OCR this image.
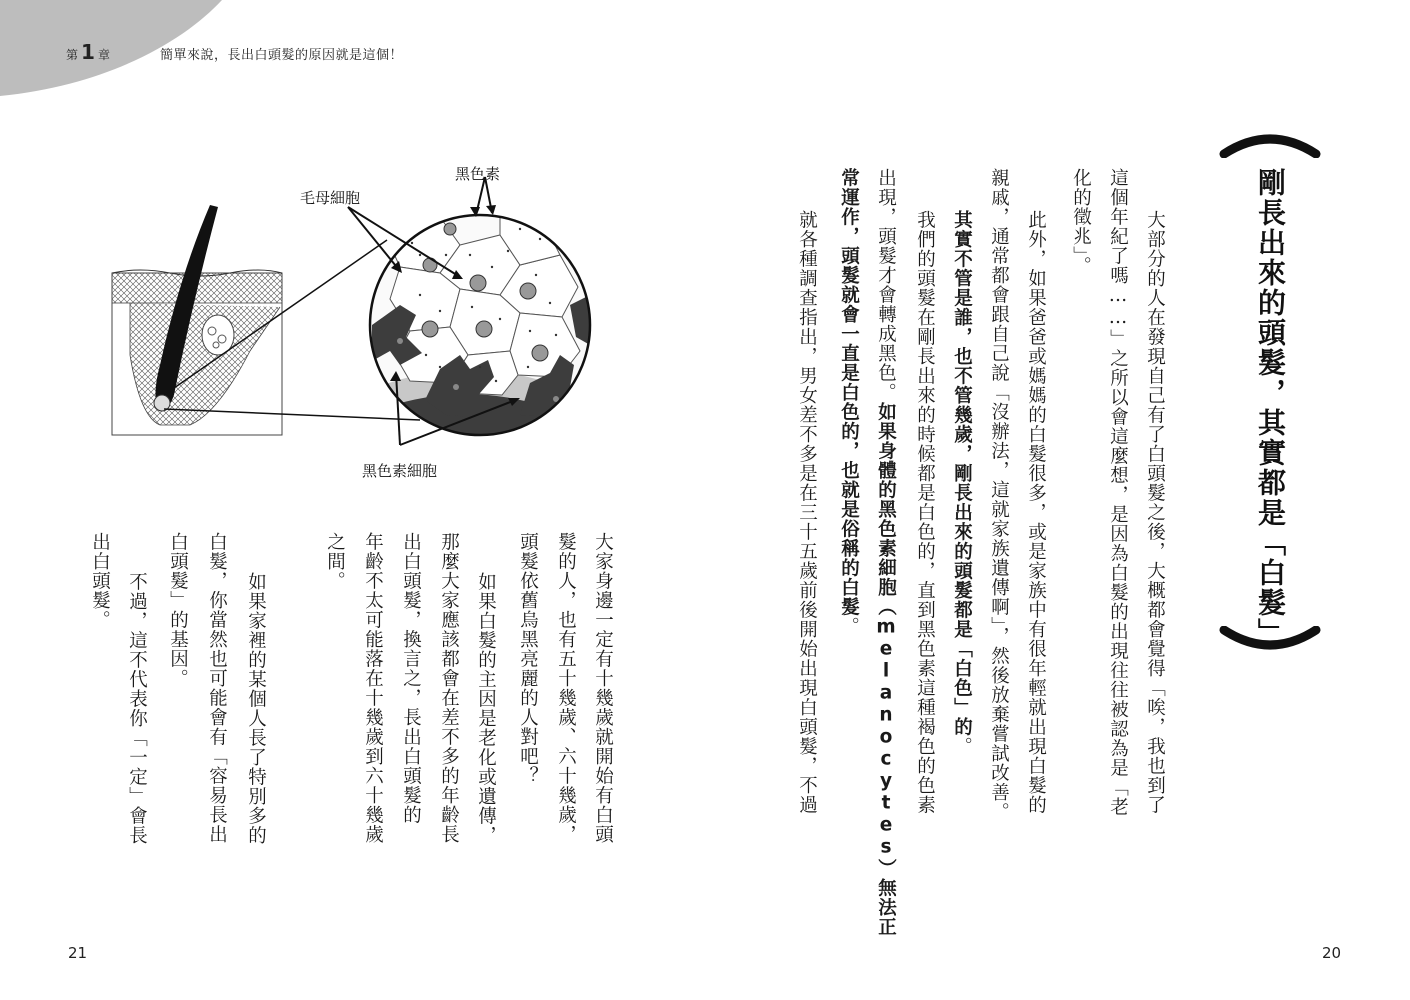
第 1 章	簡單來說，長出白頭髮的原因就是這個！
剛長出來的頭髮，其實都是「白髮」
大部分的人在發現自己有了白頭髮之後，大概都會覺得「唉，我也到了
這個年紀了嗎……」之所以會這麼想，是因為白髮的出現往往被認為是「老
化的徵兆」。
此外，如果爸爸或媽媽的白髮很多，或是家族中有很年輕就出現白髮的
親戚，通常都會跟自己說「沒辦法，這就家族遺傳啊」，然後放棄嘗試改善。
其實不管是誰，也不管幾歲，剛長出來的頭髮都是「白色」的。
我們的頭髮在剛長出來的時候都是白色的，直到黑色素這種褐色的色素
出現，頭髮才會轉成黑色。如果身體的黑色素細胞（melanocytes）無法正
常運作，頭髮就會一直是白色的，也就是俗稱的白髮。
就各種調查指出，男女差不多是在三十五歲前後開始出現白頭髮，不過
黑色素
毛母細胞
黑色素細胞
大家身邊一定有十幾歲就開始有白頭
髮的人，也有五十幾歲、六十幾歲，
頭髮依舊烏黑亮麗的人對吧？
如果白髮的主因是老化或遺傳，
那麼大家應該都會在差不多的年齡長
出白頭髮，換言之，長出白頭髮的
年齡不太可能落在十幾歲到六十幾歲
之間。
如果家裡的某個人長了特別多的
白髮，你當然也可能會有「容易長出
白頭髮」的基因。
不過，這不代表你「一定」會長
出白頭髮。
21	20
